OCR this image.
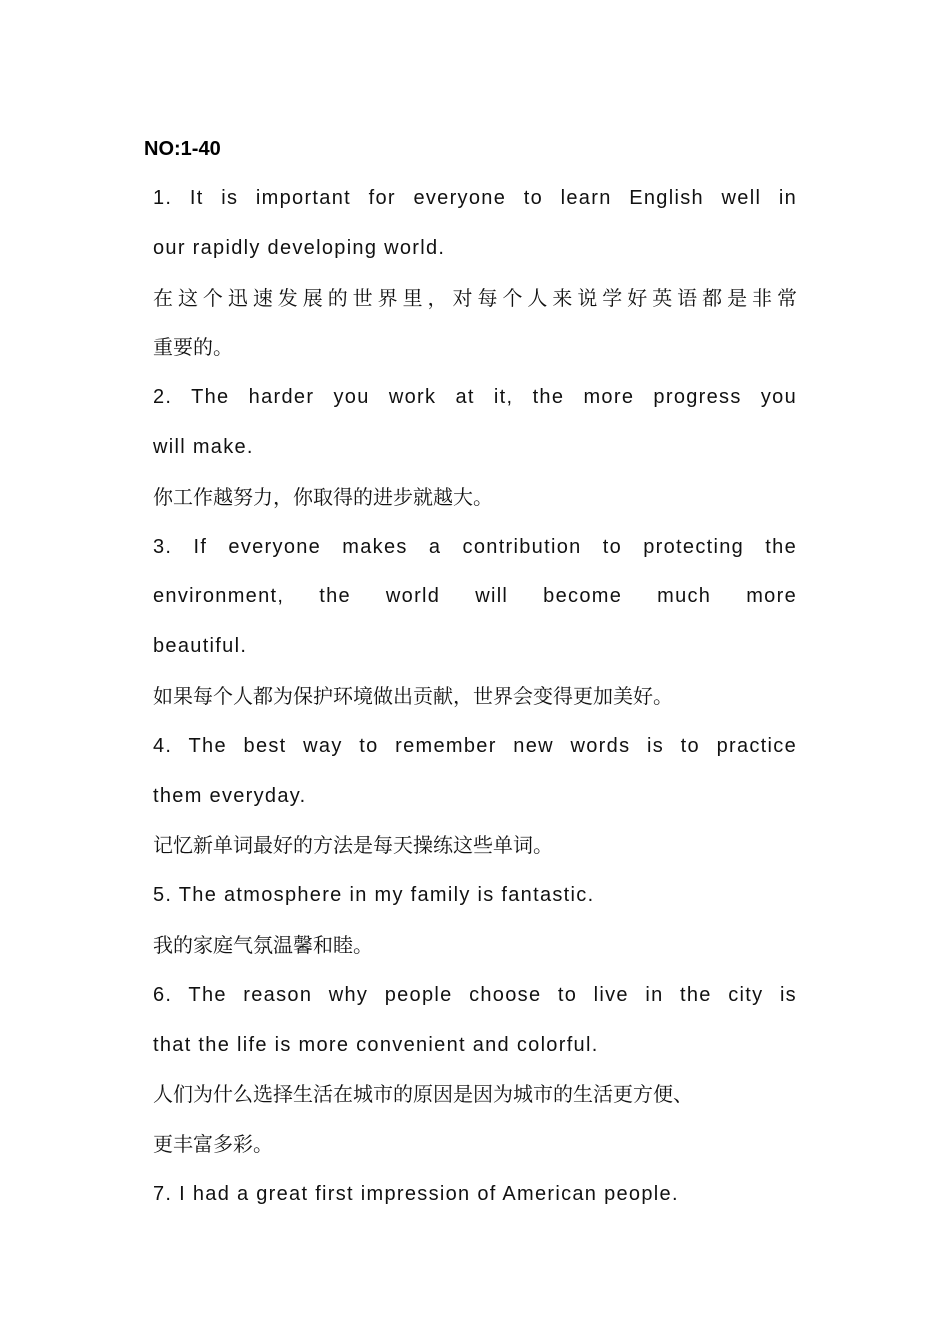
NO:1-40
1. It is important for everyone to learn English well in
our rapidly developing world.
在这个迅速发展的世界里，对每个人来说学好英语都是非常
重要的。
2. The harder you work at it, the more progress you
will make.
你工作越努力，你取得的进步就越大。
3. If everyone makes a contribution to protecting the
environment, the world will become much more
beautiful.
如果每个人都为保护环境做出贡献，世界会变得更加美好。
4. The best way to remember new words is to practice
them everyday.
记忆新单词最好的方法是每天操练这些单词。
5. The atmosphere in my family is fantastic.
我的家庭气氛温馨和睦。
6. The reason why people choose to live in the city is
that the life is more convenient and colorful.
人们为什么选择生活在城市的原因是因为城市的生活更方便、
更丰富多彩。
7. I had a great first impression of American people.
